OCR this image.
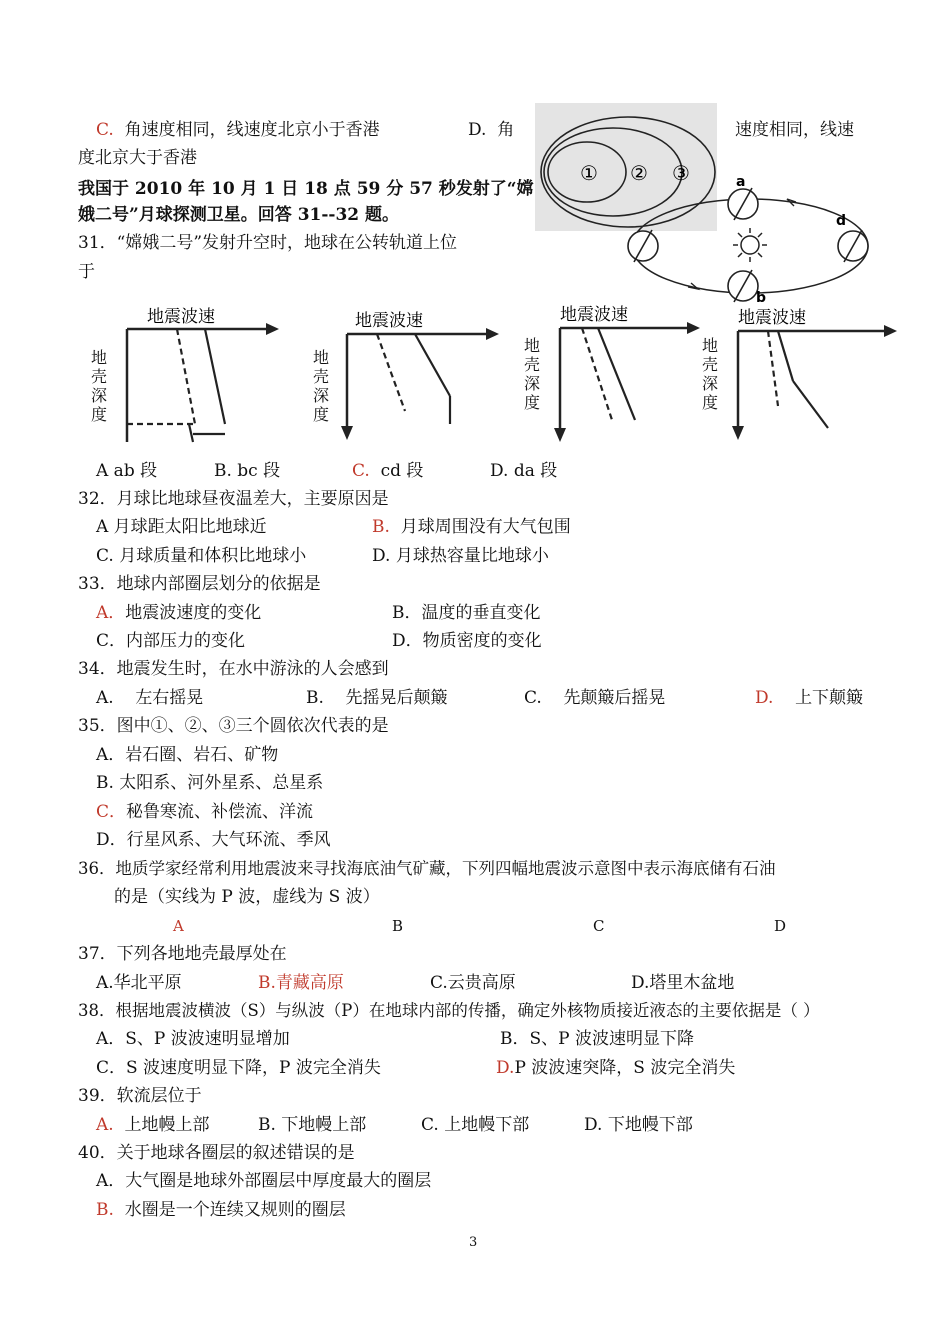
C. 角速度相同，线速度北京小于香港	D. 角	速度相同，线速
度北京大于香港
我国于 2010 年 10 月 1 日 18 点 59 分 57 秒发射了“嫦
娥二号”月球探测卫星。回答 31--32 题。
31．“嫦娥二号”发射升空时，地球在公转轨道上位
于
① ② ③	a
d
b
地震波速	地震波速	地震波速	地震波速
地壳深度
地壳深度
地壳深度
地壳深度
A ab 段	B. bc 段	C. cd 段	D. da 段
32．月球比地球昼夜温差大，主要原因是
A 月球距太阳比地球近	B. 月球周围没有大气包围
C. 月球质量和体积比地球小	D. 月球热容量比地球小
33．地球内部圈层划分的依据是
A．地震波速度的变化	B．温度的垂直变化
C．内部压力的变化	D．物质密度的变化
34．地震发生时，在水中游泳的人会感到
A. 左右摇晃	B. 先摇晃后颠簸	C. 先颠簸后摇晃	D. 上下颠簸
35．图中①、②、③三个圆依次代表的是
A．岩石圈、岩石、矿物
B. 太阳系、河外星系、总星系
C．秘鲁寒流、补偿流、洋流
D．行星风系、大气环流、季风
36．地质学家经常利用地震波来寻找海底油气矿藏，下列四幅地震波示意图中表示海底储有石油
的是（实线为 P 波，虚线为 S 波）
A	B	C	D
37．下列各地地壳最厚处在
A.华北平原	B.青藏高原	C.云贵高原	D.塔里木盆地
38．根据地震波横波（S）与纵波（P）在地球内部的传播，确定外核物质接近液态的主要依据是（ ）
A．S、P 波波速明显增加	B．S、P 波波速明显下降
C．S 波速度明显下降，P 波完全消失	D.P 波波速突降，S 波完全消失
39．软流层位于
A. 上地幔上部	B. 下地幔上部	C. 上地幔下部	D. 下地幔下部
40．关于地球各圈层的叙述错误的是
A．大气圈是地球外部圈层中厚度最大的圈层
B. 水圈是一个连续又规则的圈层
3
